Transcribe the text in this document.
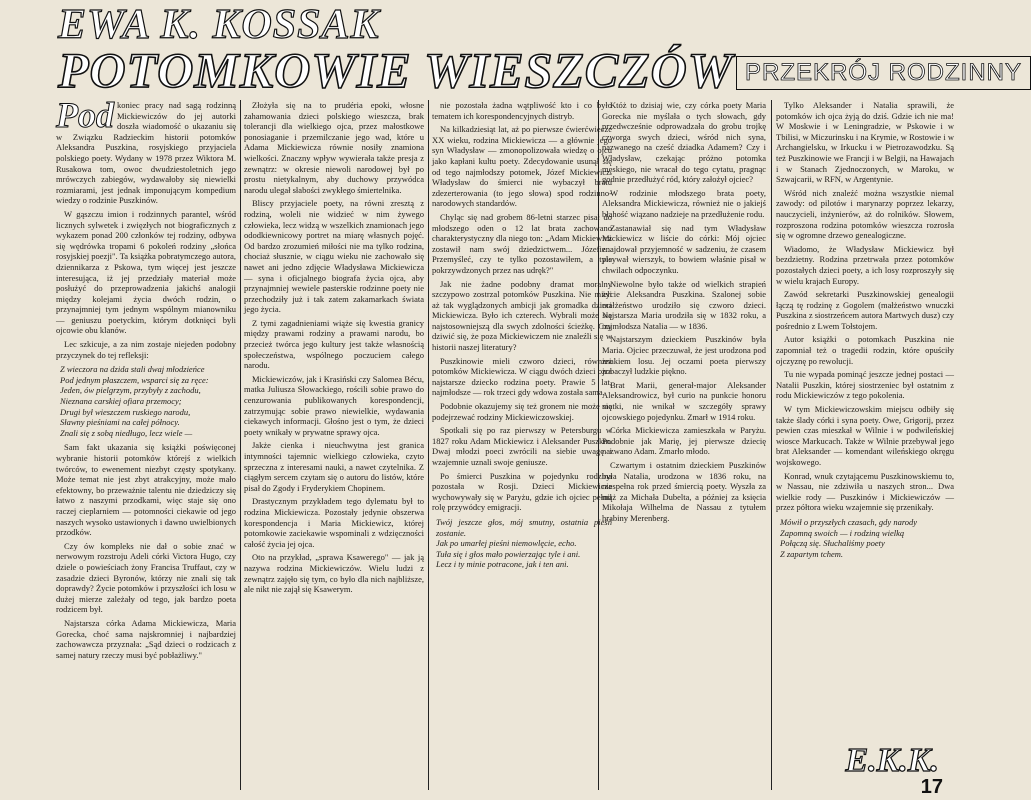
EWA K. KOSSAK
POTOMKOWIE WIESZCZÓW PRZEKRÓJ RODZINNY

Pod koniec pracy nad sagą rodzinną Mickiewiczów do jej autorki doszła wiadomość o ukazaniu się w Związku Radzieckim historii potomków Aleksandra Puszkina, rosyjskiego przyjaciela polskiego poety. Wydany w 1978 przez Wiktora M. Rusakowa tom, owoc dwudziestoletnich jego mrówczych zabiegów, wydawałoby się niewielki rozmiarami, jest jednak imponującym kompedium wiedzy o rodzinie Puszkinów.

W gąszczu imion i rodzinnych parantel, wśród licznych sylwetek i zwięzłych not biograficznych z wykazem ponad 200 członków tej rodziny, odbywa się wędrówka tropami 6 pokoleń rodziny „słońca rosyjskiej poezji". Ta książka pobratymczego autora, dziennikarza z Pskowa, tym więcej jest jeszcze interesująca, iż jej przedziały materiał może posłużyć do przeprowadzenia jakichś analogii między kolejami życia dwóch rodzin, o przynajmniej tym jednym wspólnym mianowniku — geniuszu poetyckim, którym dotknięci byli ojcowie obu klanów.

Lec szkicuje, a za nim zostaje niejeden podobny przyczynek do tej refleksji:

Z wieczora na dzida stali dwaj młodzieńce

Pod jednym płaszczem, wsparci się za ręce:

Jeden, ów pielgrzym, przybyły z zachodu,

Nieznana carskiej ofiara przemocy;

Drugi był wieszczem ruskiego narodu,

Sławny pieśniami na całej północy.

Znali się z sobą niedługo, lecz wiele —

Sam fakt ukazania się książki poświęconej wybranie historii potomków którejś z wielkich twórców, to ewenement niezbyt częsty spotykany. Może temat nie jest zbyt atrakcyjny, może mało efektowny, bo przeważnie talentu nie dziedziczy się łatwo z naszymi przodkami, więc staje się ono raczej cieplarniem — potomności ciekawie od jego naszych wysoko ustawionych i dawno uwielbionych przodków.

Czy ów kompleks nie dał o sobie znać w nerwowym rozstroju Adeli córki Victora Hugo, czy dziele o powieściach żony Francisa Truffaut, czy w zasadzie dzieci Byronów, którzy nie znali się tak doprawdy? Życie potomków i przyszłości ich losu w dużej mierze zależały od tego, jak bardzo poeta rodzicem był.

Najstarsza córka Adama Mickiewicza, Maria Gorecka, choć sama najskromniej i najbardziej zachowawcza przyznała: „Sąd dzieci o rodzicach z samej natury rzeczy musi być pobłażliwy."

Złożyła się na to prudéria epoki, włosne zahamowania dzieci polskiego wieszcza, brak tolerancji dla wielkiego ojca, przez małostkowe ponosiaganie i przemilczanie jego wad, które u Adama Mickiewicza równie nosiły znamiona wielkości. Znaczny wpływ wywierała także presja z zewnątrz: w okresie niewoli narodowej był po prostu nietykalnym, aby duchowy przywódca narodu ulegał słabości zwykłego śmiertelnika.

Bliscy przyjaciele poety, na równi zresztą z rodziną, woleli nie widzieć w nim żywego człowieka, lecz widzą w wszelkich znamionach jego ododkiewnicowy portret na miarę własnych pojęć. Od bardzo zrozumień miłości nie ma tylko rodzina, chociaż słusznie, w ciągu wieku nie zachowało się nawet ani jedno zdjęcie Władysława Mickiewicza — syna i oficjalnego biografa życia ojca, aby przynajmniej wewiele pasterskie rodzinne poety nie przechodziły już i tak zatem zakamarkach świata jego życia.

Z tymi zagadnieniami wiąże się kwestia granicy między prawami rodziny a prawami narodu, bo przecież twórca jego kultury jest także własnością społeczeństwa, wspólnego poczuciem całego narodu.

Mickiewiczów, jak i Krasiński czy Salomea Bécu, matka Juliusza Słowackiego, rościli sobie prawo do cenzurowania publikowanych korespondencji, zatrzymując sobie prawo niewielkie, wydawania ciekawych informacji. Głośno jest o tym, że dzieci poety wnikały w prywatne sprawy ojca.

Jakże cienka i nieuchwytna jest granica intymności tajemnic wielkiego człowieka, czyto sprzeczna z interesami nauki, a nawet czytelnika. Z ciągłym sercem czytam się o autoru do listów, które pisał do Zgody i Fryderykiem Chopinem.

Drastycznym przykładem tego dylematu był to rodzina Mickiewicza. Pozostały jedynie obszerwa korespondencja i Maria Mickiewicz, której potomkowie zaciekawie wspominali z wdzięczności całość życia jej ojca.

Oto na przykład, „sprawa Ksawerego" — jak ją nazywa rodzina Mickiewiczów. Wielu ludzi z zewnątrz zajęło się tym, co było dla nich najbliższe, ale nikt nie zajął się Ksawerym.

nie pozostała żadna wątpliwość kto i co było tematem ich korespondencyjnych distryb.

Na kilkadziesiąt lat, aż po pierwsze ćwierćwiecze XX wieku, rodzina Mickiewicza — a głównie jego syn Władysław — zmonopolizowała wiedzę o ojcu jako kapłani kultu poety. Zdecydowanie usunął się od tego najmłodszy potomek, Józef Mickiewicz. Władysław do śmierci nie wybaczył bratu zdezerterowania (to jego słowa) spod rodzinno-narodowych standardów.

Chyląc się nad grobem 86-letni starzec pisał do młodszego oden o 12 lat brata zachowano charakterystyczny dla niego ton: „Adam Mickiewicz zostawił nam swój dziedzictwem... Józefie... Przemyśleć, czy te tylko pozostawiłem, a tyle pokrzywdzonych przez nas udręk?"

Jak nie żadne podobny dramat moralny szczypowo zostrzal potomków Puszkina. Nie mieli aż tak wyglądzonych ambicji jak gromadka dzieci Mickiewicza. Było ich czterech. Wybrali może się najstosowniejszą dla swych zdolności ścieżkę. Czy dziwić się, że poza Mickiewiczem nie znaleźli się w historii naszej literatury?

Puszkinowie mieli czworo dzieci, również potomków Mickiewicza. W ciągu dwóch dzieci ojca najstarsze dziecko rodzina poety. Prawie 5 lat, najmłodsze — rok trzeci gdy wdowa została sama.

Podobnie okazujemy się też gronem nie może się podejrzewać rodziny Mickiewiczowskiej.

Spotkali się po raz pierwszy w Petersburgu w 1827 roku Adam Mickiewicz i Aleksander Puszkin. Dwaj młodzi poeci zwrócili na siebie uwagę i wzajemnie uznali swoje geniusze.

Po śmierci Puszkina w pojedynku rodzina pozostała w Rosji. Dzieci Mickiewicza wychowywały się w Paryżu, gdzie ich ojciec pełnił rolę przywódcy emigracji.

Twój jeszcze głos, mój smutny, ostatnia pieśń zostanie.

Jak po umarłej pieśni niemowlęcie, echo.

Tuła się i głos mało powierzając tyle i ani.

Lecz i ty minie potracone, jak i ten ani.

Któż to dzisiaj wie, czy córka poety Maria Gorecka nie myślała o tych słowach, gdy przedwcześnie odprowadzała do grobu trojkę czworga swych dzieci, wśród nich syna, nazwanego na cześć dziadka Adamem? Czy i Władysław, czekając próżno potomka męskiego, nie wracał do tego cytatu, pragnąc godnie przedłużyć ród, który założył ojciec?

W rodzinie młodszego brata poety, Aleksandra Mickiewicza, również nie o jakiejś błahość wiązano nadzieje na przedłużenie rodu.

Zastanawiał się nad tym Władysław Mickiewicz w liście do córki: Mój ojciec znajdował przyjemność w sadzeniu, że czasem pisywał wierszyk, to bowiem właśnie pisał w chwilach odpoczynku.

Niewolne było także od wielkich strapień życie Aleksandra Puszkina. Szalonej sobie małżeństwo urodziło się czworo dzieci. Najstarsza Maria urodziła się w 1832 roku, a najmłodsza Natalia — w 1836.

Najstarszym dzieckiem Puszkinów była Maria. Ojciec przeczuwał, że jest urodzona pod znakiem losu. Jej oczami poeta pierwszy zobaczył ludzkie piękno.

Brat Marii, generał-major Aleksander Aleksandrowicz, był curio na punkcie honoru matki, nie wnikał w szczegóły sprawy ojcowskiego pojedynku. Zmarł w 1914 roku.

Córka Mickiewicza zamieszkała w Paryżu. Podobnie jak Marię, jej pierwsze dziecię nazwano Adam. Zmarło młodo.

Czwartym i ostatnim dzieckiem Puszkinów była Natalia, urodzona w 1836 roku, na niespełna rok przed śmiercią poety. Wyszła za mąż za Michała Dubelta, a później za księcia Mikołaja Wilhelma de Nassau z tytułem hrabiny Merenberg.

Tylko Aleksander i Natalia sprawili, że potomków ich ojca żyją do dziś. Gdzie ich nie ma! W Moskwie i w Leningradzie, w Pskowie i w Tbilisi, w Miczurinsku i na Krymie, w Rostowie i w Archangielsku, w Irkucku i w Pietrozawodzku. Są też Puszkinowie we Francji i w Belgii, na Hawajach i w Stanach Zjednoczonych, w Maroku, w Szwajcarii, w RFN, w Argentynie.

Wśród nich znaleźć można wszystkie niemal zawody: od pilotów i marynarzy poprzez lekarzy, nauczycieli, inżynierów, aż do rolników. Słowem, rozproszona rodzina potomków wieszcza rozrosła się w ogromne drzewo genealogiczne.

Wiadomo, że Władysław Mickiewicz był bezdzietny. Rodzina przetrwała przez potomków pozostałych dzieci poety, a ich losy rozproszyły się w wielu krajach Europy.

Zawód sekretarki Puszkinowskiej genealogii łączą tę rodzinę z Gogolem (małżeństwo wnuczki Puszkina z siostrzeńcem autora Martwych dusz) czy pośrednio z Lwem Tołstojem.

Autor książki o potomkach Puszkina nie zapomniał też o tragedii rodzin, które opuściły ojczyznę po rewolucji.

Tu nie wypada pominąć jeszcze jednej postaci — Natalii Puszkin, której siostrzeniec był ostatnim z rodu Mickiewiczów z tego pokolenia.

W tym Mickiewiczowskim miejscu odbiły się także ślady córki i syna poety. Owe, Grigorij, przez pewien czas mieszkał w Wilnie i w podwileńskiej wiosce Markucach. Także w Wilnie przebywał jego brat Aleksander — komendant wileńskiego okręgu wojskowego.

Konrad, wnuk czytającemu Puszkinowskiemu to, w Nassau, nie zdziwiła u naszych stron... Dwa wielkie rody — Puszkinów i Mickiewiczów — przez półtora wieku wzajemnie się przenikały.

Mówił o przyszłych czasach, gdy narody

Zapomną swoich — i rodziną wielką

Połączą się. Słuchaliśmy poety

Z zapartym tchem.

E.K.K.
17
